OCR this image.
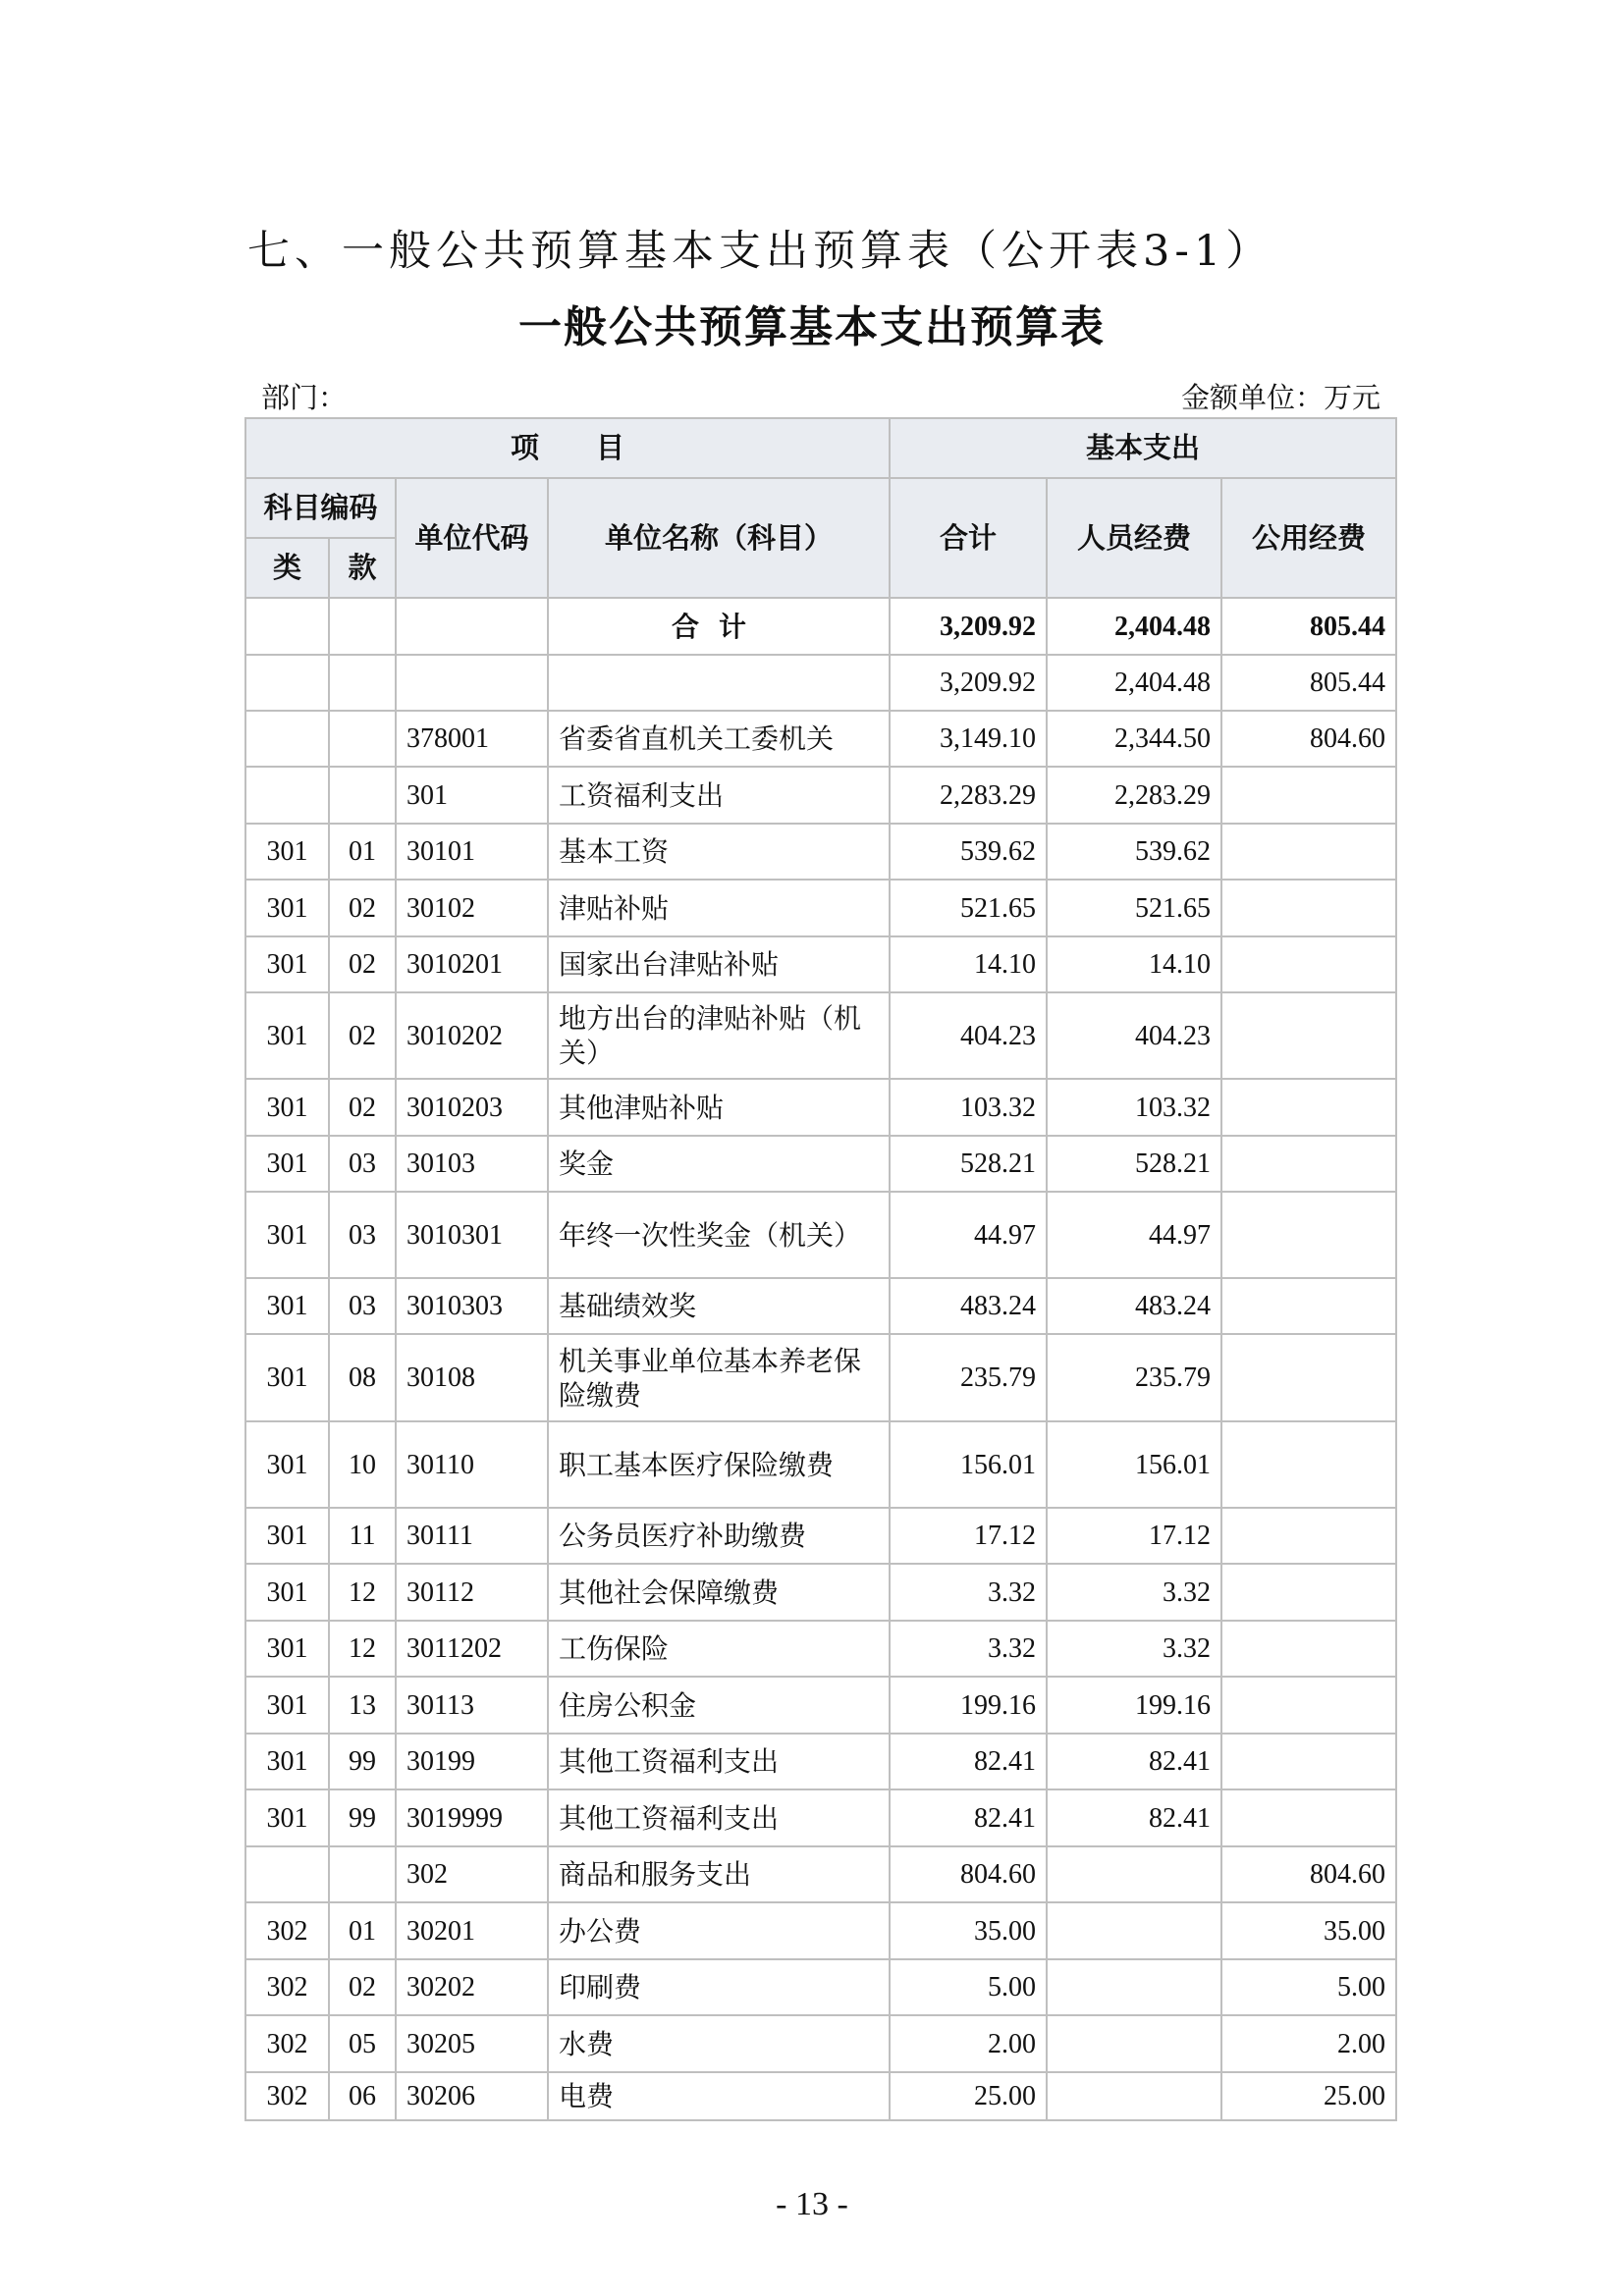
七、一般公共预算基本支出预算表（公开表3-1）
一般公共预算基本支出预算表
部门：	金额单位：万元
项　　目				基本支出		
科目编码		单位代码	单位名称（科目）	合计	人员经费	公用经费
类	款					
			合计	3,209.92	2,404.48	805.44
				3,209.92	2,404.48	805.44
		378001	省委省直机关工委机关	3,149.10	2,344.50	804.60
		301	工资福利支出	2,283.29	2,283.29	
301	01	30101	基本工资	539.62	539.62	
301	02	30102	津贴补贴	521.65	521.65	
301	02	3010201	国家出台津贴补贴	14.10	14.10	
301	02	3010202	地方出台的津贴补贴（机关）	404.23	404.23	
301	02	3010203	其他津贴补贴	103.32	103.32	
301	03	30103	奖金	528.21	528.21	
301	03	3010301	年终一次性奖金（机关）	44.97	44.97	
301	03	3010303	基础绩效奖	483.24	483.24	
301	08	30108	机关事业单位基本养老保险缴费	235.79	235.79	
301	10	30110	职工基本医疗保险缴费	156.01	156.01	
301	11	30111	公务员医疗补助缴费	17.12	17.12	
301	12	30112	其他社会保障缴费	3.32	3.32	
301	12	3011202	工伤保险	3.32	3.32	
301	13	30113	住房公积金	199.16	199.16	
301	99	30199	其他工资福利支出	82.41	82.41	
301	99	3019999	其他工资福利支出	82.41	82.41	
		302	商品和服务支出	804.60		804.60
302	01	30201	办公费	35.00		35.00
302	02	30202	印刷费	5.00		5.00
302	05	30205	水费	2.00		2.00
302	06	30206	电费	25.00		25.00
- 13 -
